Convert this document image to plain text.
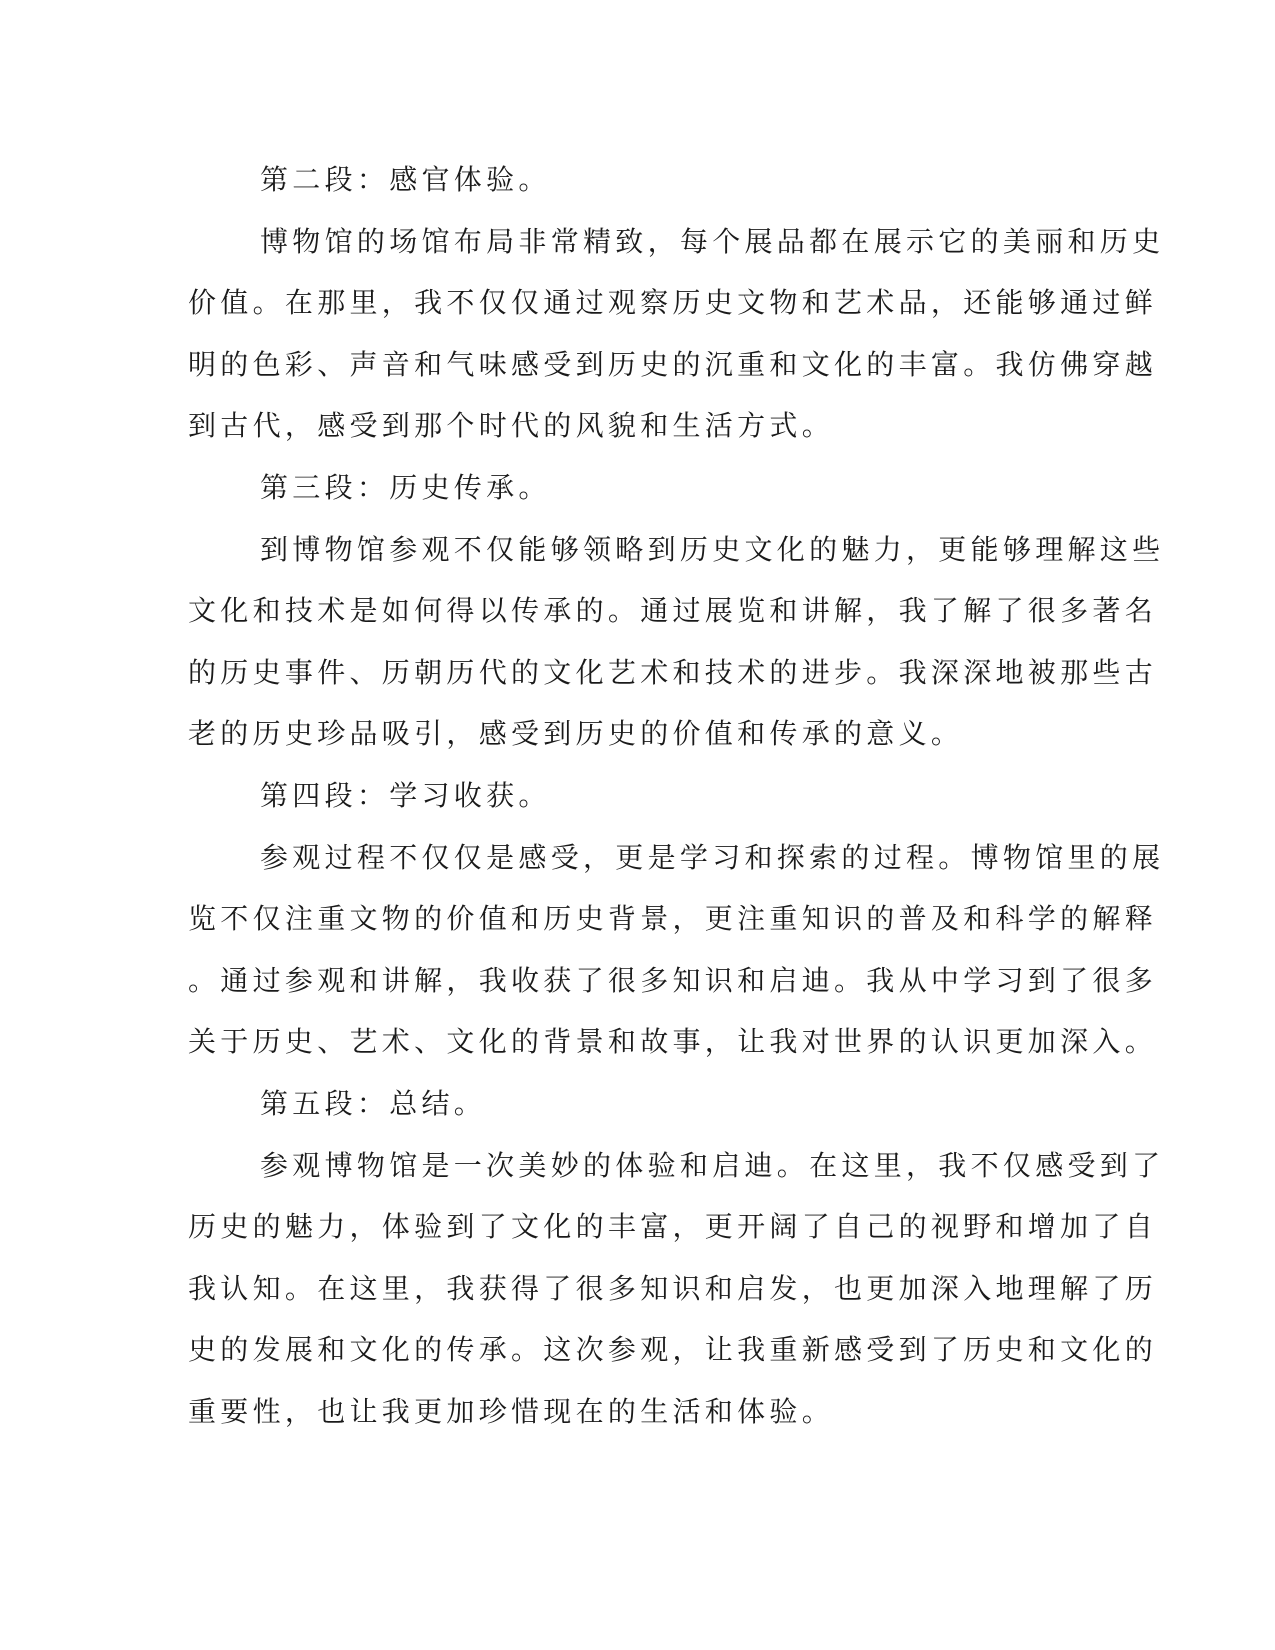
第二段：感官体验。
博物馆的场馆布局非常精致，每个展品都在展示它的美丽和历史
价值。在那里，我不仅仅通过观察历史文物和艺术品，还能够通过鲜
明的色彩、声音和气味感受到历史的沉重和文化的丰富。我仿佛穿越
到古代，感受到那个时代的风貌和生活方式。
第三段：历史传承。
到博物馆参观不仅能够领略到历史文化的魅力，更能够理解这些
文化和技术是如何得以传承的。通过展览和讲解，我了解了很多著名
的历史事件、历朝历代的文化艺术和技术的进步。我深深地被那些古
老的历史珍品吸引，感受到历史的价值和传承的意义。
第四段：学习收获。
参观过程不仅仅是感受，更是学习和探索的过程。博物馆里的展
览不仅注重文物的价值和历史背景，更注重知识的普及和科学的解释
。通过参观和讲解，我收获了很多知识和启迪。我从中学习到了很多
关于历史、艺术、文化的背景和故事，让我对世界的认识更加深入。
第五段：总结。
参观博物馆是一次美妙的体验和启迪。在这里，我不仅感受到了
历史的魅力，体验到了文化的丰富，更开阔了自己的视野和增加了自
我认知。在这里，我获得了很多知识和启发，也更加深入地理解了历
史的发展和文化的传承。这次参观，让我重新感受到了历史和文化的
重要性，也让我更加珍惜现在的生活和体验。
